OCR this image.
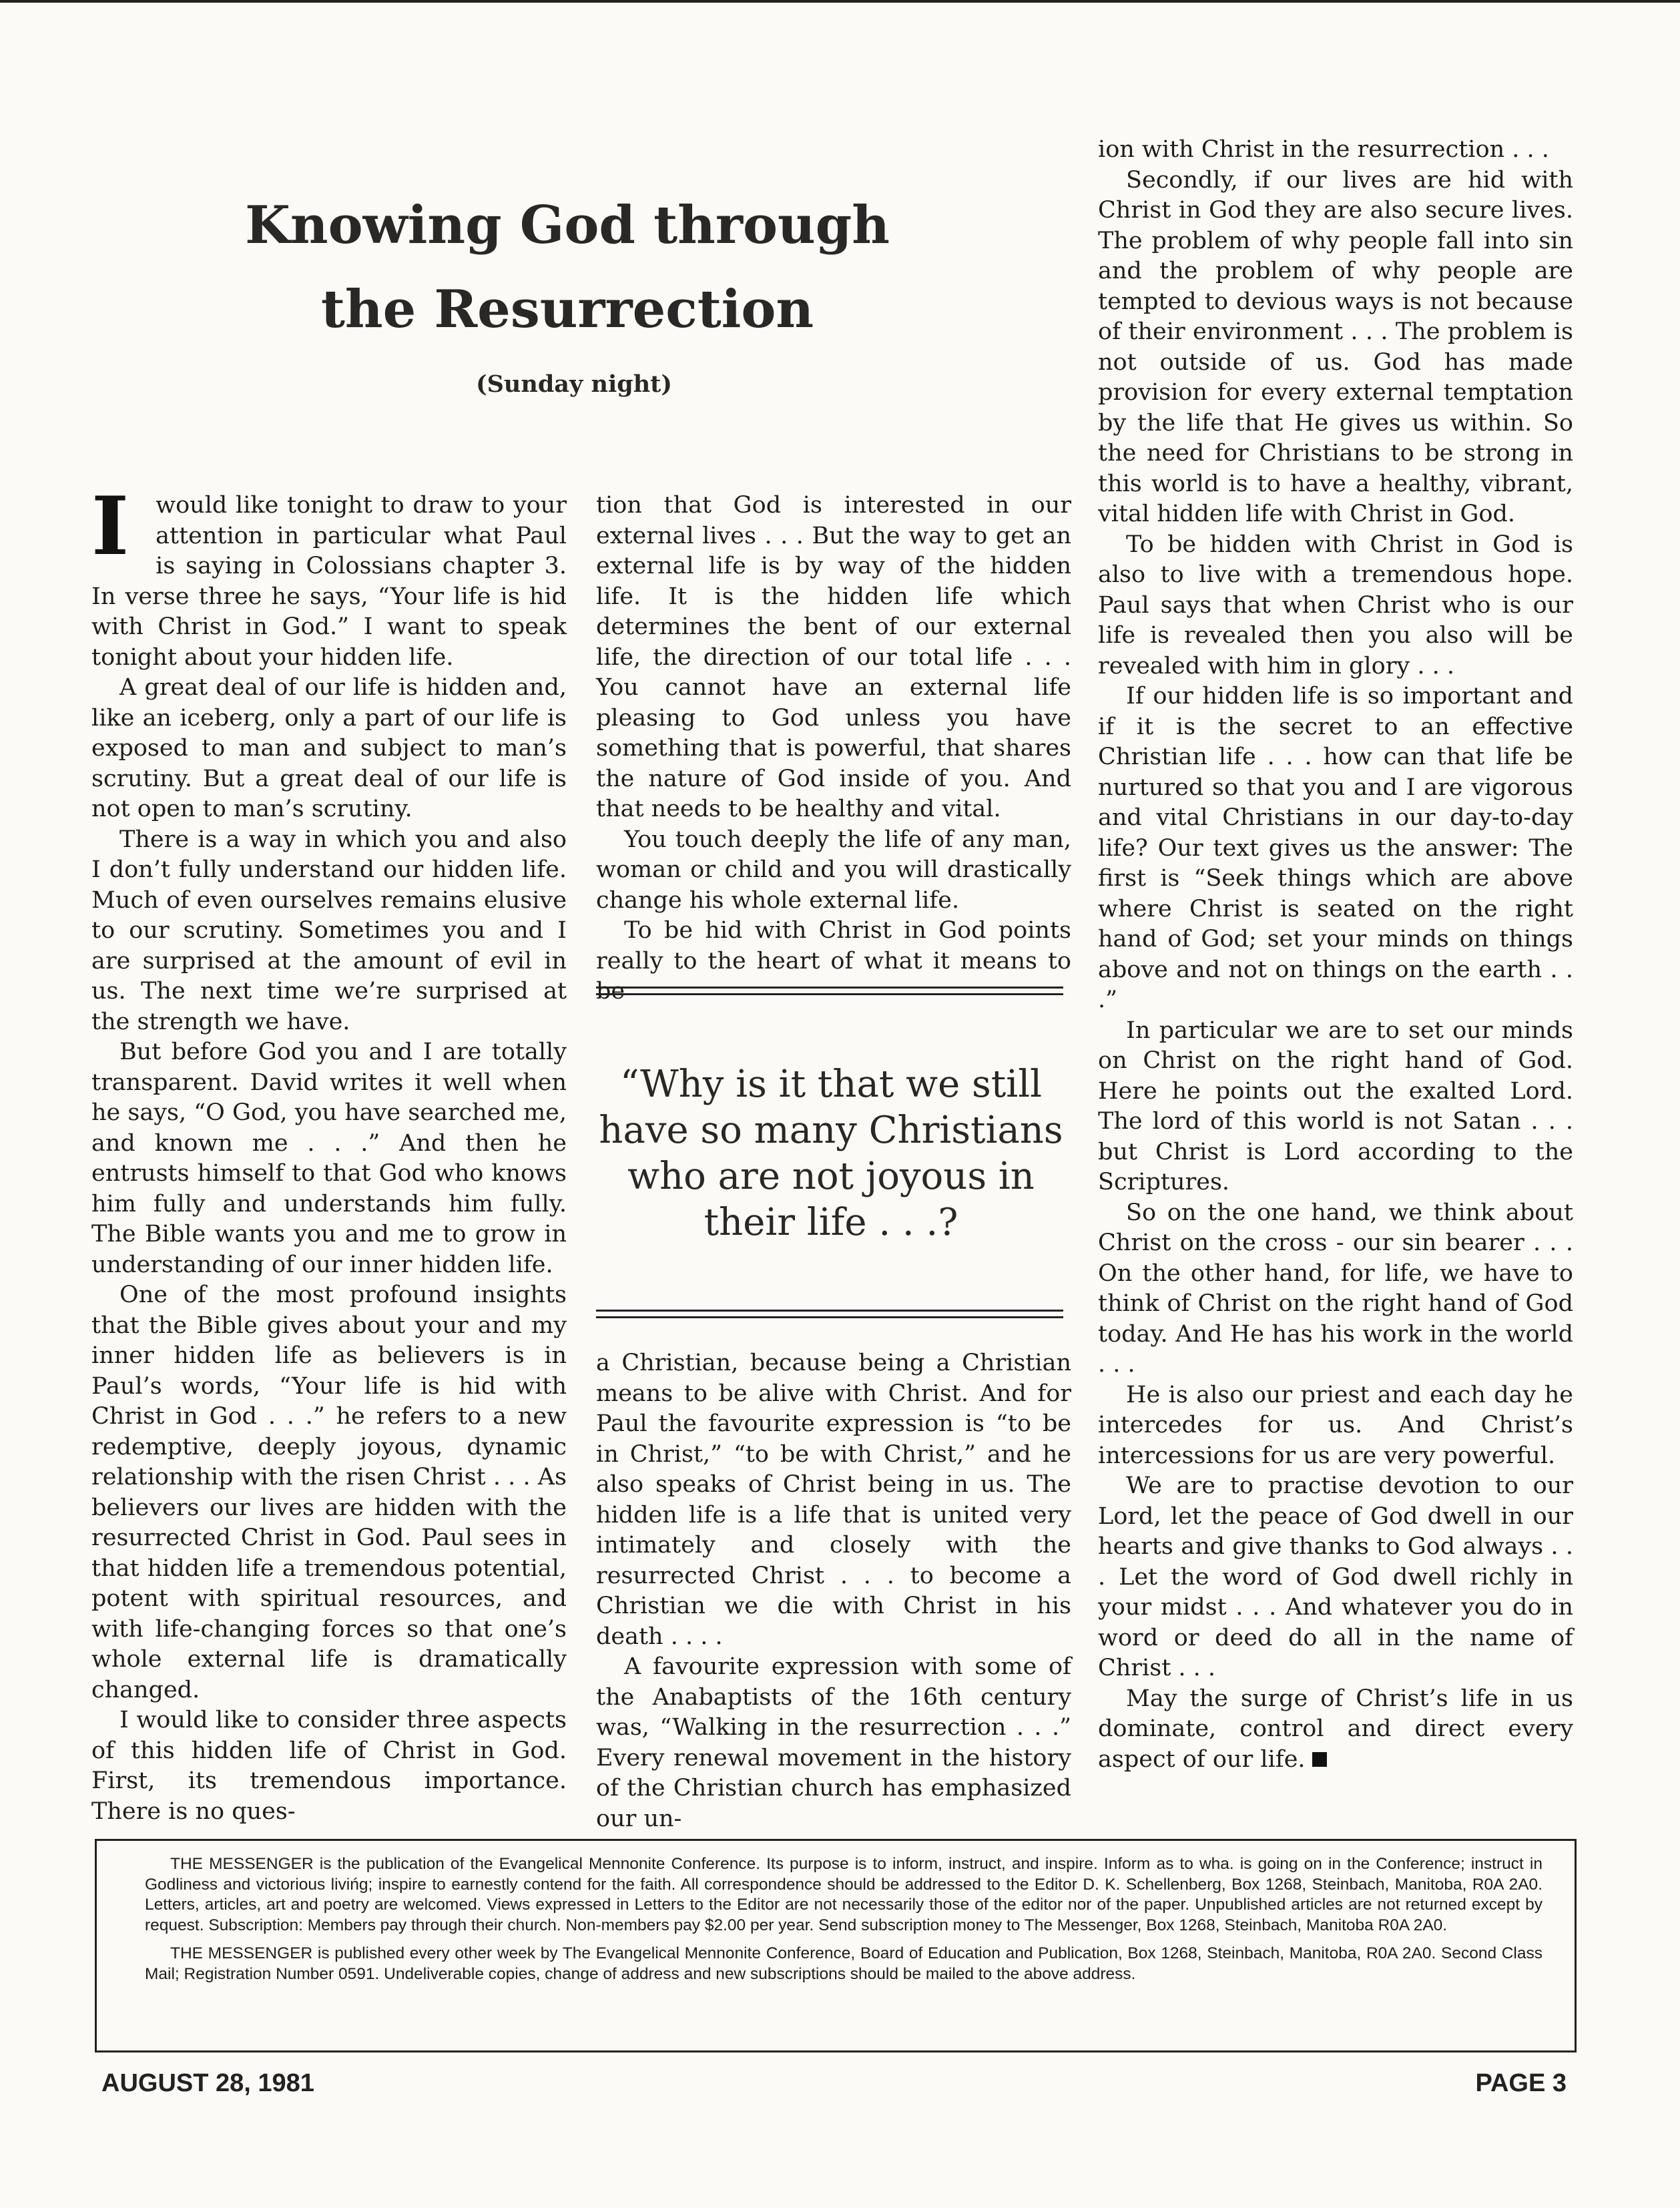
Knowing God through the Resurrection
(Sunday night)
I	would like tonight to draw to your attention in particular what Paul is saying in Colossians chapter 3. In verse three he says, “Your life is hid with Christ in God.” I want to speak tonight about your hidden life.

A great deal of our life is hidden and, like an iceberg, only a part of our life is exposed to man and subject to man’s scrutiny. But a great deal of our life is not open to man’s scrutiny.

There is a way in which you and also I don’t fully understand our hidden life. Much of even ourselves remains elusive to our scrutiny. Sometimes you and I are surprised at the amount of evil in us. The next time we’re surprised at the strength we have.

But before God you and I are totally transparent. David writes it well when he says, “O God, you have searched me, and known me . . .” And then he entrusts himself to that God who knows him fully and understands him fully. The Bible wants you and me to grow in understanding of our inner hidden life.

One of the most profound insights that the Bible gives about your and my inner hidden life as believers is in Paul’s words, “Your life is hid with Christ in God . . .” he refers to a new redemptive, deeply joyous, dynamic relationship with the risen Christ . . . As believers our lives are hidden with the resurrected Christ in God. Paul sees in that hidden life a tremendous potential, potent with spiritual resources, and with life-changing forces so that one’s whole external life is dramatically changed.

I would like to consider three aspects of this hidden life of Christ in God. First, its tremendous importance. There is no ques-

tion that God is interested in our external lives . . . But the way to get an external life is by way of the hidden life. It is the hidden life which determines the bent of our external life, the direction of our total life . . . You cannot have an external life pleasing to God unless you have something that is powerful, that shares the nature of God inside of you. And that needs to be healthy and vital.

You touch deeply the life of any man, woman or child and you will drastically change his whole external life.

To be hid with Christ in God points really to the heart of what it means to be

“Why is it that we still have so many Christians who are not joyous in their life . . .?

a Christian, because being a Christian means to be alive with Christ. And for Paul the favourite expression is “to be in Christ,” “to be with Christ,” and he also speaks of Christ being in us. The hidden life is a life that is united very intimately and closely with the resurrected Christ . . . to become a Christian we die with Christ in his death . . . .

A favourite expression with some of the Anabaptists of the 16th century was, “Walking in the resurrection . . .” Every renewal movement in the history of the Christian church has emphasized our un-

ion with Christ in the resurrection . . .

Secondly, if our lives are hid with Christ in God they are also secure lives. The problem of why people fall into sin and the problem of why people are tempted to devious ways is not because of their environment . . . The problem is not outside of us. God has made provision for every external temptation by the life that He gives us within. So the need for Christians to be strong in this world is to have a healthy, vibrant, vital hidden life with Christ in God.

To be hidden with Christ in God is also to live with a tremendous hope. Paul says that when Christ who is our life is revealed then you also will be revealed with him in glory . . .

If our hidden life is so important and if it is the secret to an effective Christian life . . . how can that life be nurtured so that you and I are vigorous and vital Christians in our day-to-day life? Our text gives us the answer: The first is “Seek things which are above where Christ is seated on the right hand of God; set your minds on things above and not on things on the earth . . .”

In particular we are to set our minds on Christ on the right hand of God. Here he points out the exalted Lord. The lord of this world is not Satan . . . but Christ is Lord according to the Scriptures.

So on the one hand, we think about Christ on the cross - our sin bearer . . . On the other hand, for life, we have to think of Christ on the right hand of God today. And He has his work in the world . . .

He is also our priest and each day he intercedes for us. And Christ’s intercessions for us are very powerful.

We are to practise devotion to our Lord, let the peace of God dwell in our hearts and give thanks to God always . . . Let the word of God dwell richly in your midst . . . And whatever you do in word or deed do all in the name of Christ . . .

May the surge of Christ’s life in us dominate, control and direct every aspect of our life.

THE MESSENGER is the publication of the Evangelical Mennonite Conference. Its purpose is to inform, instruct, and inspire. Inform as to wha. is going on in the Conference; instruct in Godliness and victorious livińg; inspire to earnestly contend for the faith. All correspondence should be addressed to the Editor D. K. Schellenberg, Box 1268, Steinbach, Manitoba, R0A 2A0. Letters, articles, art and poetry are welcomed. Views expressed in Letters to the Editor are not necessarily those of the editor nor of the paper. Unpublished articles are not returned except by request. Subscription: Members pay through their church. Non-members pay $2.00 per year. Send subscription money to The Messenger, Box 1268, Steinbach, Manitoba R0A 2A0.

THE MESSENGER is published every other week by The Evangelical Mennonite Conference, Board of Education and Publication, Box 1268, Steinbach, Manitoba, R0A 2A0. Second Class Mail; Registration Number 0591. Undeliverable copies, change of address and new subscriptions should be mailed to the above address.

AUGUST 28, 1981	PAGE 3
